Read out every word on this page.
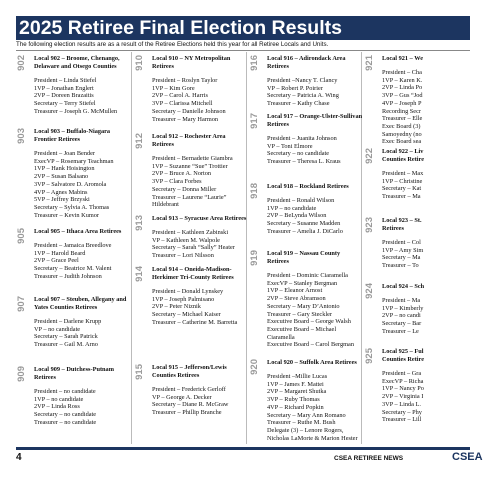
2025 Retiree Final Election Results
The following election results are as a result of the Retiree Elections held this year for all Retiree Locals and Units.
902 Local 902 – Broome, Chenango,
Delaware and Otsego Counties
President – Linda Stiefel
1VP – Jonathan Englert
2VP – Doreen Brazaitis
Secretary – Terry Stiefel
Treasurer – Joseph G. McMullen
903 Local 903 – Buffalo-Niagara
Frontier Retirees
President – Joan Bender
ExecVP – Rosemary Teachman
1VP – Hank Hoisington
2VP – Susan Balsano
3VP – Salvatore D. Aromola
4VP – Agnes Mabins
5VP – Jeffrey Brzyski
Secretary – Sylvia A. Thomas
Treasurer – Kevin Kumor
905 Local 905 – Ithaca Area Retirees
President – Jamaica Breedlove
1VP – Harold Beard
2VP – Grace Peel
Secretary – Beatrice M. Valent
Treasurer – Judith Johnson
907 Local 907 – Steuben, Allegany and
Yates Counties Retirees
President – Darlene Krupp
VP – no candidate
Secretary – Sarah Patrick
Treasurer – Gail M. Arno
909 Local 909 – Dutchess-Putnam
Retirees
President – no candidate
1VP – no candidate
2VP – Linda Ross
Secretary – no candidate
Treasurer – no candidate
910 Local 910 – NY Metropolitan
Retirees
President – Roslyn Taylor
1VP – Kim Gore
2VP – Carol A. Harris
3VP – Clarissa Mitchell
Secretary – Danielle Johnson
Treasurer – Mary Harmon
912 Local 912 – Rochester Area
Retirees
President – Bernadette Giambra
1VP – Suzanne “Sue” Trottier
2VP – Bruce A. Norton
3VP – Clara Forbes
Secretary – Donna Miller
Treasurer – Laurene “Laurie”
Hildebrant
913 Local 913 – Syracuse Area Retirees
President – Kathleen Zabinski
VP – Kathleen M. Walpole
Secretary – Sarah “Sally” Heater
Treasurer – Lori Nilsson
914 Local 914 – Oneida-Madison-
Herkimer Tri-County Retirees
President – Donald Lynskey
1VP – Joseph Palmisano
2VP – Peter Niznik
Secretary – Michael Kaiser
Treasurer – Catherine M. Barretta
915 Local 915 – Jefferson/Lewis
Counties Retirees
President – Frederick Gerloff
VP – George A. Decker
Secretary – Diane R. McGraw
Treasurer – Phillip Branche
916 Local 916 – Adirondack Area
Retirees
President –Nancy T. Clancy
VP – Robert P. Poirier
Secretary – Patricia A. Wing
Treasurer – Kathy Chase
917 Local 917 – Orange-Ulster-Sullivan
Retirees
President – Juanita Johnson
VP – Toni Elmore
Secretary – no candidate
Treasurer – Theresa L. Kraus
918 Local 918 – Rockland Retirees
President – Ronald Wilson
1VP – no candidate
2VP – BeLynda Wilson
Secretary – Susanne Madden
Treasurer – Amelia J. DiCarlo
919 Local 919 – Nassau County
Retirees
President – Dominic Ciaramella
ExecVP – Stanley Bergman
1VP – Eleanor Arnost
2VP – Steve Abramson
Secretary – Mary D’Antonio
Treasurer – Gary Steckler
Executive Board – George Walsh
Executive Board – Michael
Ciaramella
Executive Board – Carol Bergman
920 Local 920 – Suffolk Area Retirees
President –Millie Lucas
1VP – James F. Mattei
2VP – Margaret Shutka
3VP – Ruby Thomas
4VP – Richard Popkin
Secretary – Mary Ann Romano
Treasurer – Ruthe M. Bush
Delegate (3) – Lenore Rogers,
Nicholas LaMorte & Marion Hester
921 Local 921 – We
President – Cha
1VP – Karen K.
2VP – Linda Po
3VP – Gus “Jod
4VP – Joseph P
Recording Secr
Treasurer – Elle
Exec Board (3)
Samoyedny (no
Exec Board sea
922 Local 922 – Liv
Counties Retire
President – Max
1VP – Christine
Secretary – Kat
Treasurer – Ma
923 Local 923 – St.
Retirees
President – Col
1VP – Amy Sim
Secretary – Ma
Treasurer – To
924 Local 924 – Sch
President – Ma
1VP – Kimberly
2VP – no candi
Secretary – Bar
Treasurer – Le
925 Local 925 – Ful
Counties Retire
President – Gra
ExecVP – Richa
1VP – Nancy Po
2VP – Virginia I
3VP – Linda L.
Secretary – Phy
Treasurer – Lill
4	CSEA RETIREE NEWS	CSEA
